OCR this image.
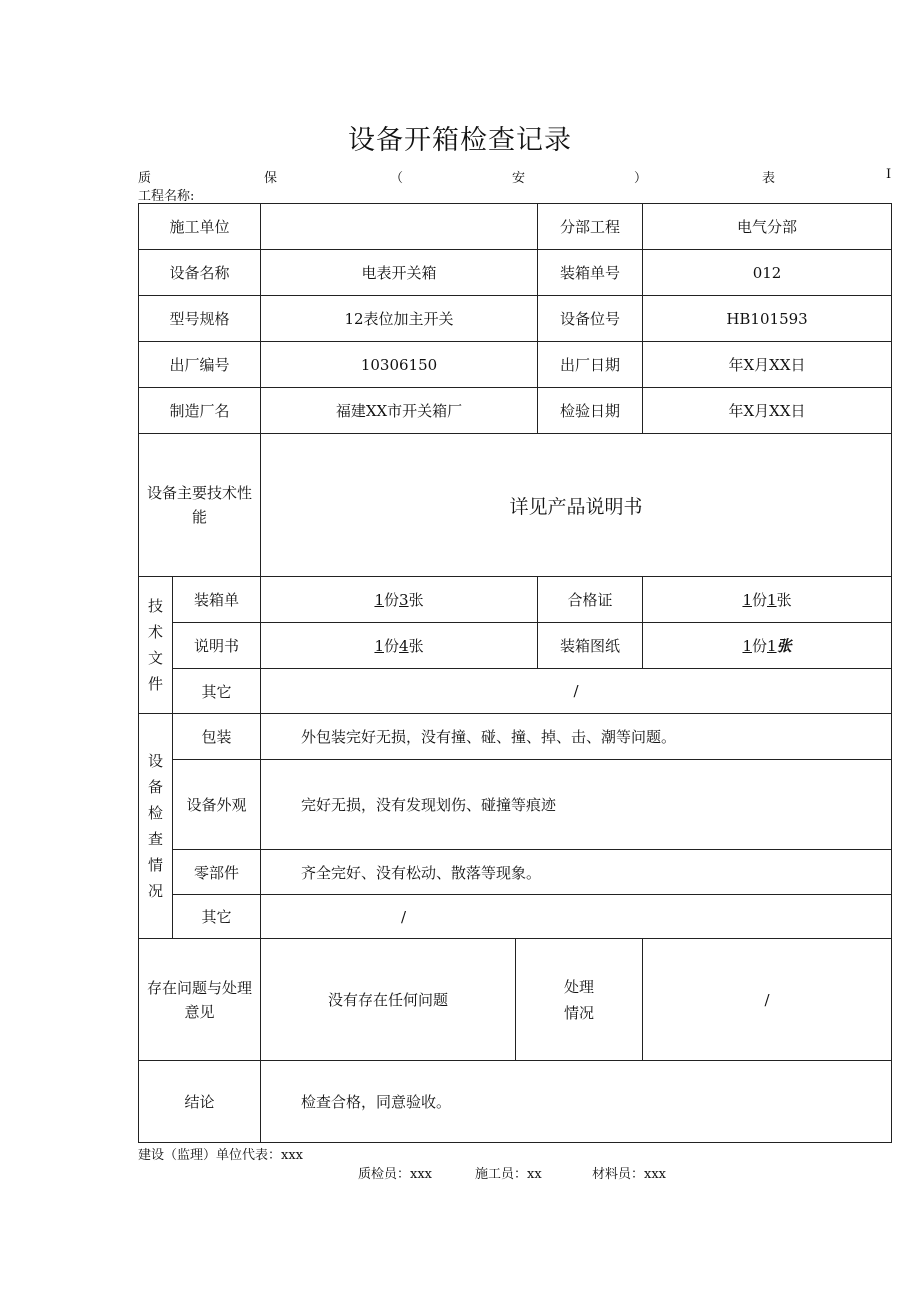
设备开箱检查记录
质	保	（	安	）	表	I
工程名称:
施工单位				分部工程	电气分部
设备名称		电表开关箱		装箱单号	012
型号规格		12表位加主开关		设备位号	HB101593
出厂编号		10306150		出厂日期	年X月XX日
制造厂名		福建XX市开关箱厂		检验日期	年X月XX日
设备主要技术性能		详见产品说明书			
技术文件	装箱单	1份3张		合格证	1份1张
	说明书	1份4张		装箱图纸	1份1张
	其它	/			
设备检查情况	包装	外包装完好无损，没有撞、碰、撞、掉、击、潮等问题。			
	设备外观	完好无损，没有发现划伤、碰撞等痕迹			
	零部件	齐全完好、没有松动、散落等现象。			
	其它	/			
存在问题与处理意见		没有存在任何问题	处理情况		/
结论		检查合格，同意验收。			
建设（监理）单位代表：xxx
质检员：xxx	施工员：xx	材料员：xxx
